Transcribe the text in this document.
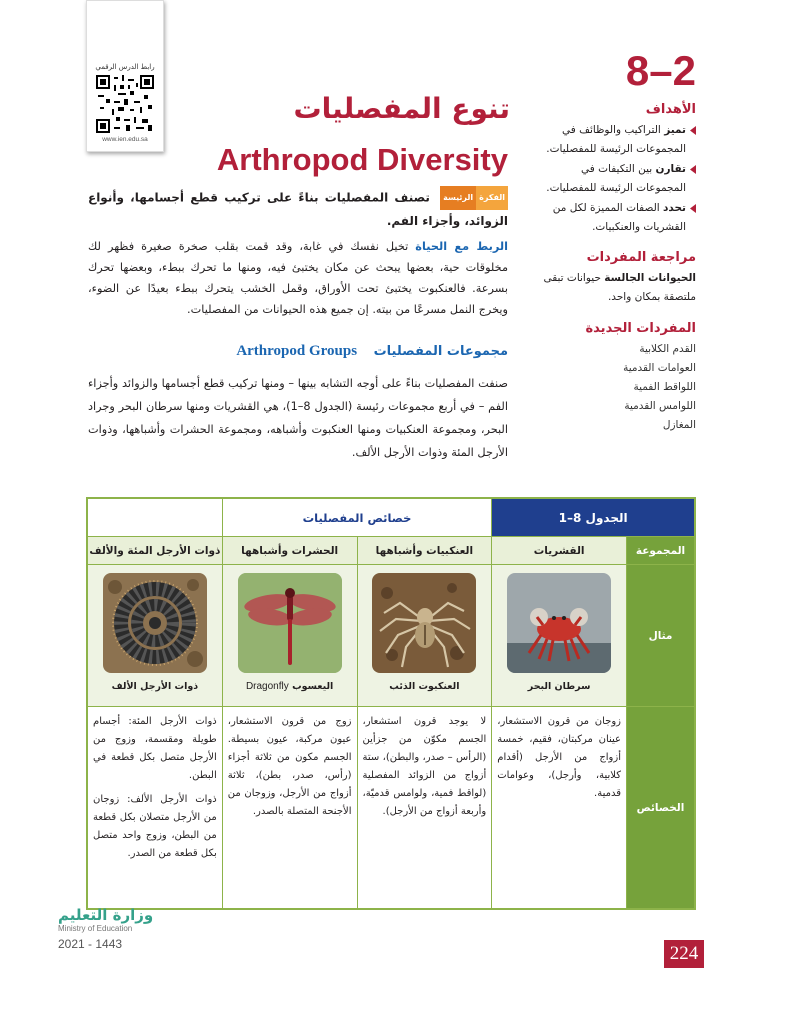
رابط الدرس الرقمي
www.ien.edu.sa
8–2
الأهداف
تميز التراكيب والوظائف في المجموعات الرئيسة للمفصليات.
تقارن بين التكيفات في المجموعات الرئيسة للمفصليات.
تحدد الصفات المميزة لكل من القشريات والعنكبيات.
مراجعة المفردات
الحيوانات الجالسة حيوانات تبقى ملتصقة بمكان واحد.
المفردات الجديدة
القدم الكلابية
العوامات القدمية
اللواقط الفمية
اللوامس القدمية
المغازل
تنوع المفصليات
Arthropod Diversity
الفكرة
الرئيسة
تصنف المفصليات بناءً على تركيب قطع أجسامها، وأنواع الزوائد، وأجزاء الفم.
الربط مع الحياة تخيل نفسك في غابة، وقد قمت بقلب صخرة صغيرة فظهر لك مخلوقات حية، بعضها يبحث عن مكان يختبئ فيه، ومنها ما تحرك ببطء، وبعضها تحرك بسرعة. فالعنكبوت يختبئ تحت الأوراق، وقمل الخشب يتحرك ببطء بعيدًا عن الضوء، ويخرج النمل مسرعًا من بيته. إن جميع هذه الحيوانات من المفصليات.
مجموعات المفصليات Arthropod Groups
صنفت المفصليات بناءً على أوجه التشابه بينها – ومنها تركيب قطع أجسامها والزوائد وأجزاء الفم – في أربع مجموعات رئيسة (الجدول 8–1)، هي القشريات ومنها سرطان البحر وجراد البحر، ومجموعة العنكبيات ومنها العنكبوت وأشباهه، ومجموعة الحشرات وأشباهها، وذوات الأرجل المئة وذوات الأرجل الألف.
الجدول 8–1		خصائص المفصليات		
المجموعة	القشريات	العنكبيات وأشباهها	الحشرات وأشباهها	ذوات الأرجل المئة والألف
مثال	سرطان البحر	العنكبوت الذئب	اليعسوب Dragonfly	ذوات الأرجل الألف

الخصائص	زوجان من قرون الاستشعار، عينان مركبتان، فقيم، خمسة أزواج من الأرجل (أقدام كلابية، وأرجل)، وعوامات قدمية.	لا يوجد قرون استشعار، الجسم مكوّن من جزأين (الرأس – صدر، والبطن)، ستة أزواج من الزوائد المفصلية (لواقط فمية، ولوامس قدميّة، وأربعة أزواج من الأرجل).	زوج من قرون الاستشعار، عيون مركبة، عيون بسيطة. الجسم مكون من ثلاثة أجزاء (رأس، صدر، بطن)، ثلاثة أزواج من الأرجل، وزوجان من الأجنحة المتصلة بالصدر.	ذوات الأرجل المئة: أجسام طويلة ومقسمة، وزوج من الأرجل متصل بكل قطعة في البطن.
ذوات الأرجل الألف: زوجان من الأرجل متصلان بكل قطعة من البطن، وزوج واحد متصل بكل قطعة من الصدر.
وزارة التعليم
Ministry of Education
2021 - 1443	224
